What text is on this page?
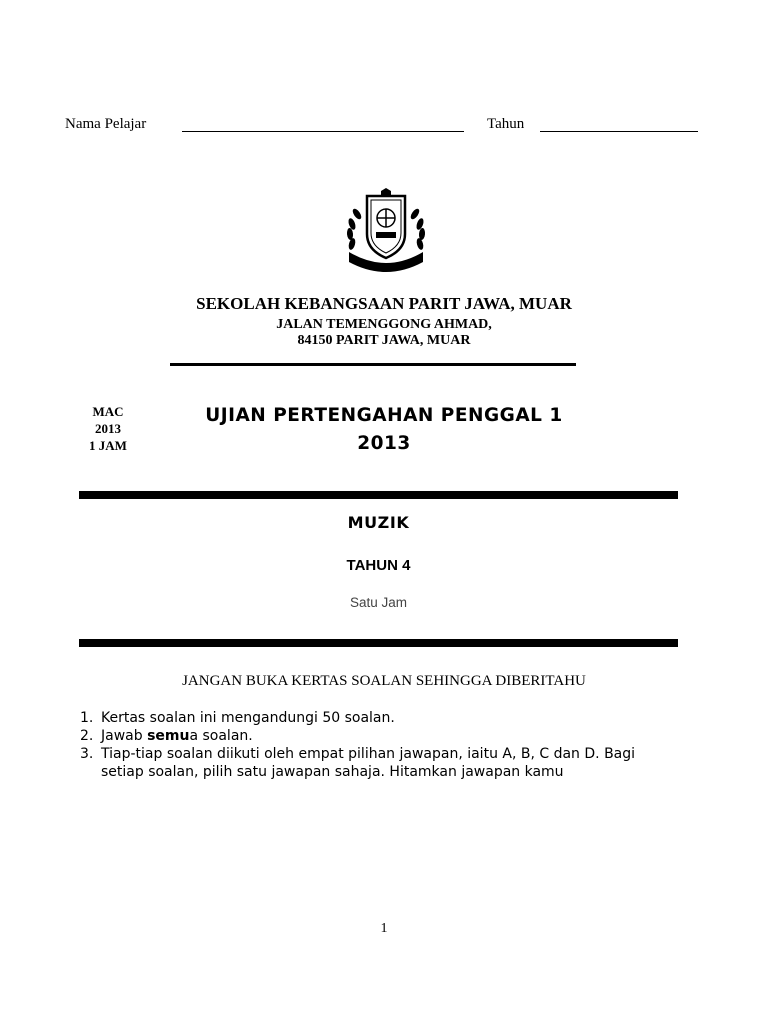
Nama Pelajar	Tahun
SEKOLAH KEBANGSAAN PARIT JAWA, MUAR
JALAN TEMENGGONG AHMAD,
84150 PARIT JAWA, MUAR
MAC
2013
1 JAM
UJIAN PERTENGAHAN PENGGAL 1
2013
MUZIK
TAHUN 4
Satu Jam
JANGAN BUKA KERTAS SOALAN SEHINGGA DIBERITAHU
1. Kertas soalan ini mengandungi 50 soalan.
2. Jawab semua soalan.
3. Tiap-tiap soalan diikuti oleh empat pilihan jawapan, iaitu A, B, C dan D. Bagi
setiap soalan, pilih satu jawapan sahaja. Hitamkan jawapan kamu
1
